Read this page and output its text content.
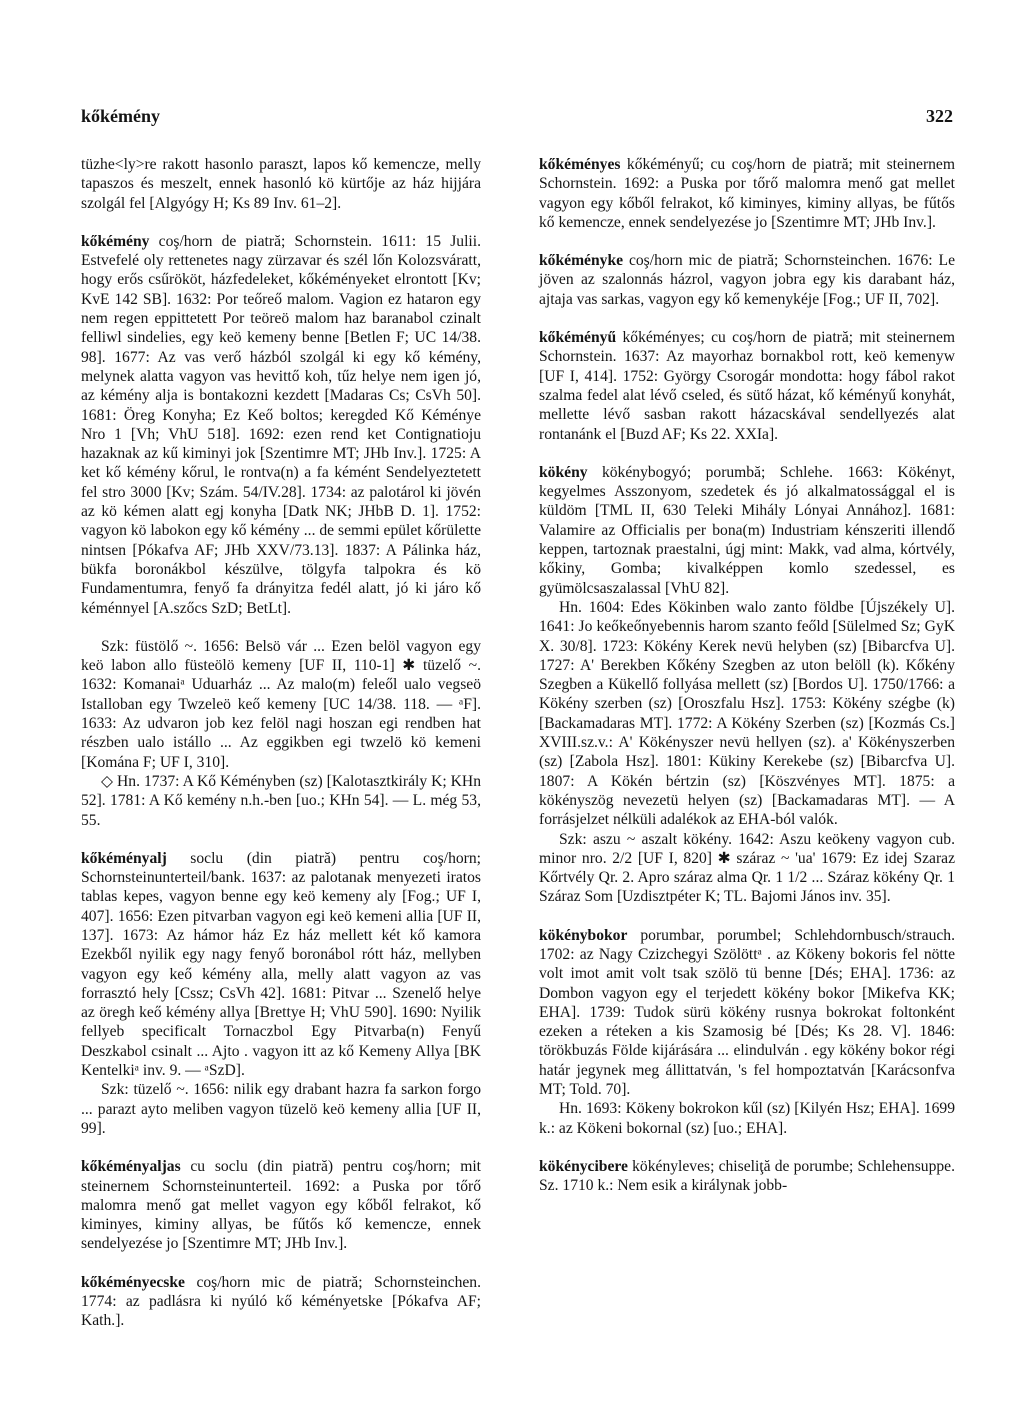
kőkémény	322

tüzhe<ly>re rakott hasonlo paraszt, lapos kő kemencze, melly tapaszos és meszelt, ennek hasonló kö kürtője az ház hijjára szolgál fel [Algyógy H; Ks 89 Inv. 61–2].

kőkémény coş/horn de piatră; Schornstein. 1611: 15 Julii. Estvefelé oly rettenetes nagy zürzavar és szél lőn Kolozsváratt, hogy erős csűrököt, házfedeleket, kőkéményeket elrontott [Kv; KvE 142 SB]. 1632: Por teőreő malom. Vagion ez hataron egy nem regen eppittetett Por teöreö malom haz baranabol czinalt felliwl sindelies, egy keö kemeny benne [Betlen F; UC 14/38. 98]. 1677: Az vas verő házból szolgál ki egy kő kémény, melynek alatta vagyon vas hevittő koh, tűz helye nem igen jó, az kémény alja is bontakozni kezdett [Madaras Cs; CsVh 50]. 1681: Öreg Konyha; Ez Keő boltos; keregded Kő Kéménye Nro 1 [Vh; VhU 518]. 1692: ezen rend ket Contignatioju hazaknak az kű kiminyi jok [Szentimre MT; JHb Inv.]. 1725: A ket kő kémény kőrul, le rontva(n) a fa kémént Sendelyeztetett fel stro 3000 [Kv; Szám. 54/IV.28]. 1734: az palotárol ki jövén az kö kémen alatt egj konyha [Datk NK; JHbB D. 1]. 1752: vagyon kö labokon egy kő kémény ... de semmi epület kőrülette nintsen [Pókafva AF; JHb XXV/73.13]. 1837: A Pálinka ház, bükfa boronákbol készülve, tölgyfa talpokra és kö Fundamentumra, fenyő fa drányitza fedél alatt, jó ki járo kő kéménnyel [A.szőcs SzD; BetLt].

Szk: füstölő ~. 1656: Belsö vár ... Ezen belöl vagyon egy keö labon allo füsteölö kemeny [UF II, 110-1] ✱ tüzelő ~. 1632: Komanaiᵃ Uduarház ... Az malo(m) feleől ualo vegseö Istalloban egy Twzeleö keő kemeny [UC 14/38. 118. — ᵃF]. 1633: Az udvaron job kez felöl nagi hoszan egi rendben hat részben ualo istállo ... Az eggikben egi twzelö kö kemeni [Komána F; UF I, 310].

◇ Hn. 1737: A Kő Kéményben (sz) [Kalotasztkirály K; KHn 52]. 1781: A Kő kemény n.h.-ben [uo.; KHn 54]. — L. még 53, 55.

kőkéményalj soclu (din piatră) pentru coş/horn; Schornsteinunterteil/bank. 1637: az palotanak menyezeti iratos tablas kepes, vagyon benne egy keö kemeny aly [Fog.; UF I, 407]. 1656: Ezen pitvarban vagyon egi keö kemeni allia [UF II, 137]. 1673: Az hámor ház Ez ház mellett két kő kamora Ezekből nyilik egy nagy fenyő boronábol rótt ház, mellyben vagyon egy keő kémény alla, melly alatt vagyon az vas forrasztó hely [Cssz; CsVh 42]. 1681: Pitvar ... Szenelő helye az öregh keő kémény allya [Brettye H; VhU 590]. 1690: Nyilik fellyeb specificalt Tornaczbol Egy Pitvarba(n) Fenyű Deszkabol csinalt ... Ajto . vagyon itt az kő Kemeny Allya [BK Kentelkiᵃ inv. 9. — ᵃSzD].

Szk: tüzelő ~. 1656: nilik egy drabant hazra fa sarkon forgo ... parazt ayto meliben vagyon tüzelö keö kemeny allia [UF II, 99].

kőkéményaljas cu soclu (din piatră) pentru coş/horn; mit steinernem Schornsteinunterteil. 1692: a Puska por tőrő malomra menő gat mellet vagyon egy kőből felrakot, kő kiminyes, kiminy allyas, be fűtős kő kemencze, ennek sendelyezése jo [Szentimre MT; JHb Inv.].

kőkéményecske coş/horn mic de piatră; Schornsteinchen. 1774: az padlásra ki nyúló kő kéményetske [Pókafva AF; Kath.].

kőkéményes kőkéményű; cu coş/horn de piatră; mit steinernem Schornstein. 1692: a Puska por tőrő malomra menő gat mellet vagyon egy kőből felrakot, kő kiminyes, kiminy allyas, be fűtős kő kemencze, ennek sendelyezése jo [Szentimre MT; JHb Inv.].

kőkéményke coş/horn mic de piatră; Schornsteinchen. 1676: Le jöven az szalonnás házrol, vagyon jobra egy kis darabant ház, ajtaja vas sarkas, vagyon egy kő kemenykéje [Fog.; UF II, 702].

kőkéményű kőkéményes; cu coş/horn de piatră; mit steinernem Schornstein. 1637: Az mayorhaz bornakbol rott, keö kemenyw [UF I, 414]. 1752: György Csorogár mondotta: hogy fábol rakot szalma fedel alat lévő cseled, és sütő házat, kő kéményű konyhát, mellette lévő sasban rakott házacskával sendellyezés alat rontanánk el [Buzd AF; Ks 22. XXIa].

kökény kökénybogyó; porumbă; Schlehe. 1663: Kökényt, kegyelmes Asszonyom, szedetek és jó alkalmatossággal el is küldöm [TML II, 630 Teleki Mihály Lónyai Annához]. 1681: Valamire az Officialis per bona(m) Industriam kénszeriti illendő keppen, tartoznak praestalni, úgj mint: Makk, vad alma, kórtvély, kőkiny, Gomba; kivalképpen komlo szedessel, es gyümölcsaszalassal [VhU 82].

Hn. 1604: Edes Kökinben walo zanto földbe [Újszékely U]. 1641: Jo keőkeőnyebennis harom szanto feőld [Sülelmed Sz; GyK X. 30/8]. 1723: Kökény Kerek nevü helyben (sz) [Bibarcfva U]. 1727: A' Berekben Kőkény Szegben az uton belöll (k). Kőkény Szegben a Kükellő follyása mellett (sz) [Bordos U]. 1750/1766: a Kökény szerben (sz) [Oroszfalu Hsz]. 1753: Kökény szégbe (k) [Backamadaras MT]. 1772: A Kökény Szerben (sz) [Kozmás Cs.] XVIII.sz.v.: A' Kökényszer nevü hellyen (sz). a' Kökényszerben (sz) [Zabola Hsz]. 1801: Kükiny Kerekebe (sz) [Bibarcfva U]. 1807: A Kökén bértzin (sz) [Köszvényes MT]. 1875: a kökényszög nevezetü helyen (sz) [Backamadaras MT]. — A forrásjelzet nélküli adalékok az EHA-ból valók.

Szk: aszu ~ aszalt kökény. 1642: Aszu keökeny vagyon cub. minor nro. 2/2 [UF I, 820] ✱ száraz ~ 'ua' 1679: Ez idej Szaraz Kőrtvély Qr. 2. Apro száraz alma Qr. 1 1/2 ... Száraz kökény Qr. 1 Száraz Som [Uzdisztpéter K; TL. Bajomi János inv. 35].

kökénybokor porumbar, porumbel; Schlehdornbusch/strauch. 1702: az Nagy Czizchegyi Szölöttᵃ . az Kökeny bokoris fel nötte volt imot amit volt tsak szölö tü benne [Dés; EHA]. 1736: az Dombon vagyon egy el terjedett kökény bokor [Mikefva KK; EHA]. 1739: Tudok sürü kökény rusnya bokrokat foltonként ezeken a réteken a kis Szamosig bé [Dés; Ks 28. V]. 1846: törökbuzás Földe kijárására ... elindulván . egy kökény bokor régi határ jegynek meg állittatván, 's fel hompoztatván [Karácsonfva MT; Told. 70].

Hn. 1693: Kökeny bokrokon kűl (sz) [Kilyén Hsz; EHA]. 1699 k.: az Kökeni bokornal (sz) [uo.; EHA].

kökénycibere kökényleves; chiseliţă de porumbe; Schlehensuppe. Sz. 1710 k.: Nem esik a királynak jobb-
